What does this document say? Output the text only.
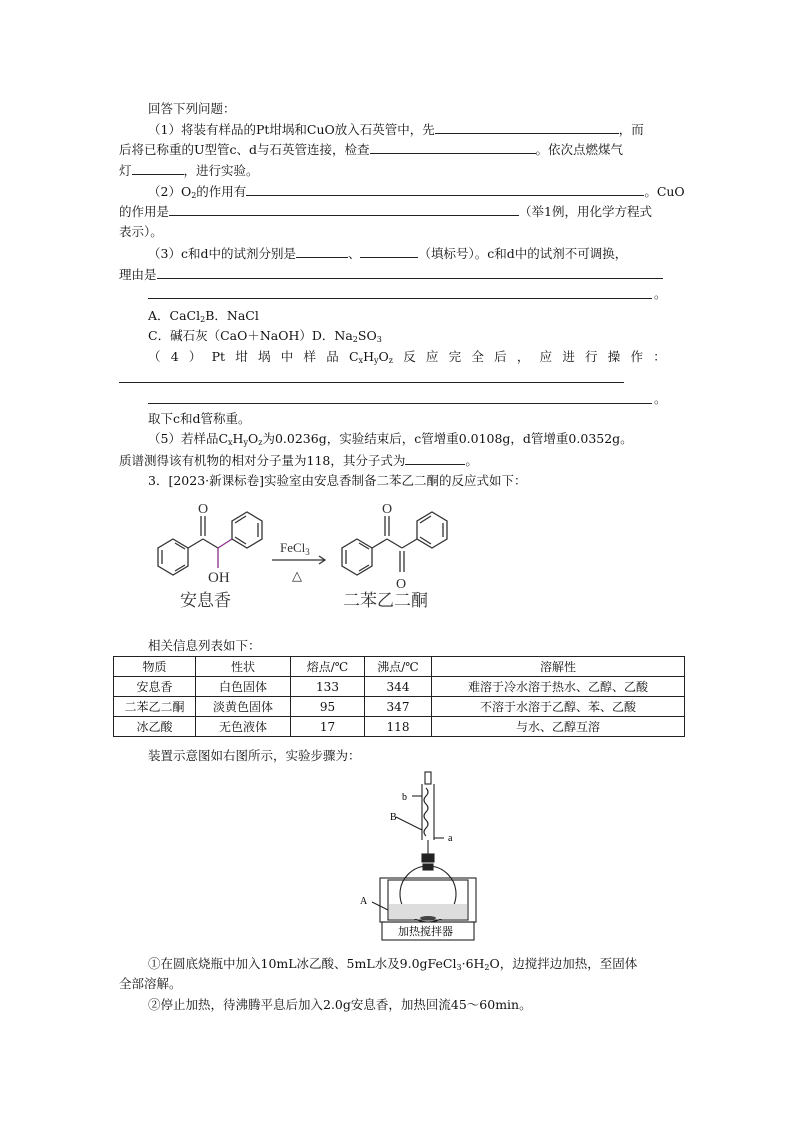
回答下列问题：
（1）将装有样品的Pt坩埚和CuO放入石英管中，先	，而
后将已称重的U型管c、d与石英管连接，检查	。依次点燃煤气
灯	，进行实验。
$(2)O_2$的作用有	。CuO
的作用是	（举1例，用化学方程式
表示）。
（3）c和d中的试剂分别是	、	（填标号）。c和d中的试剂不可调换，
理由是
。
A．CaCl$_2$B．NaCl
C．碱石灰（CaO＋NaOH）D．$Na_2SO_3$
（ 4 ） Pt 坩 埚 中 样 品 $C_xH_yO_z$ 反 应 完 全 后 ， 应 进 行 操 作 ：
。
取下c和d管称重。
（5）若样品$C_xH_yO_z$为0.0236g，实验结束后，c管增重0.0108g，d管增重0.0352g。
质谱测得该有机物的相对分子量为118，其分子式为	。
3．[2023·新课标卷]实验室由安息香制备二苯乙二酮的反应式如下：
O
OH
O
O
FeCl$_3$
△
安息香	二苯乙二酮
相关信息列表如下：
物质	性状	熔点/℃	沸点/℃	溶解性
安息香	白色固体	133	344	难溶于冷水溶于热水、乙醇、乙酸
二苯乙二酮	淡黄色固体	95	347	不溶于水溶于乙醇、苯、乙酸
冰乙酸	无色液体	17	118	与水、乙醇互溶
装置示意图如右图所示，实验步骤为：
b
B
a
A
加热搅拌器
①在圆底烧瓶中加入10mL冰乙酸、5mL水及$9.0gFeCl_3\cdot 6H_2O$，边搅拌边加热，至固体
全部溶解。
②停止加热，待沸腾平息后加入2.0g安息香，加热回流45～60min。
